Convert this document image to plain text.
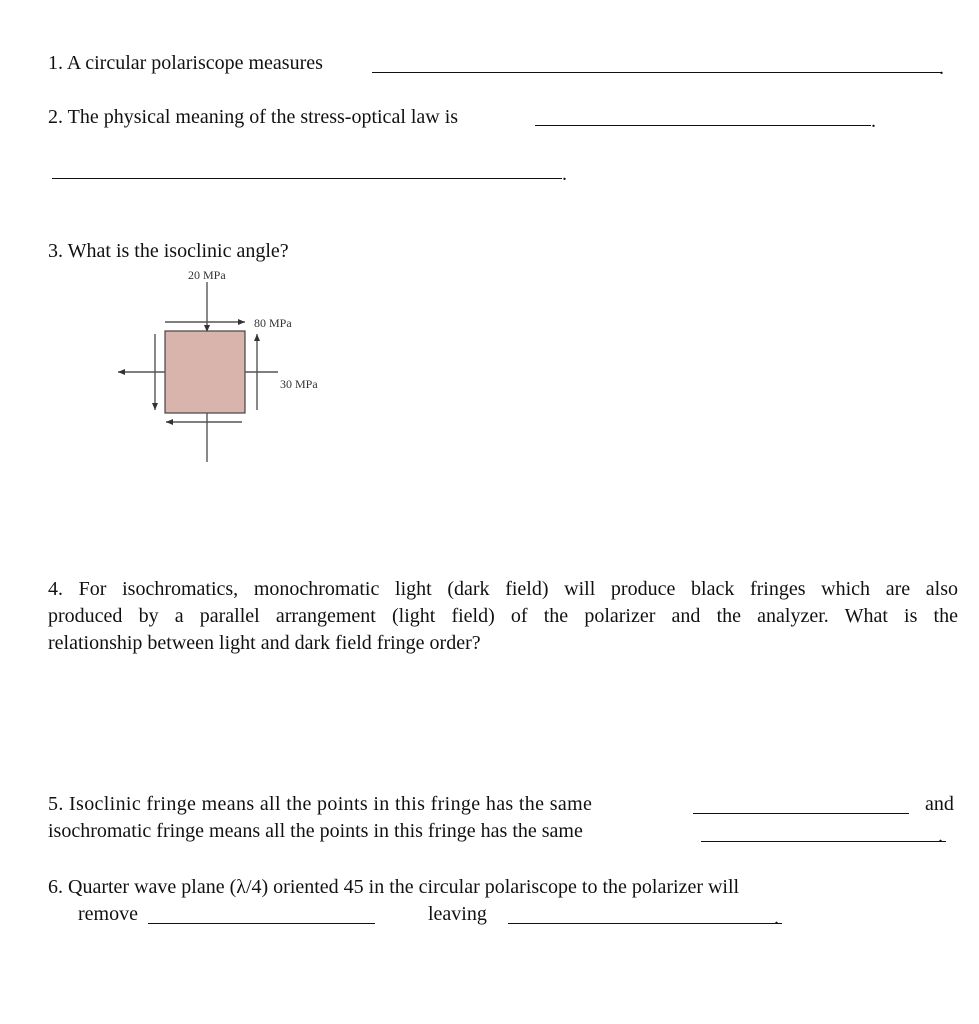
1. A circular polariscope measures	.
2. The physical meaning of the stress-optical law is	.
.
3. What is the isoclinic angle?
20 MPa
80 MPa
30 MPa
4. For isochromatics, monochromatic light (dark field) will produce black fringes which are also
produced by a parallel arrangement (light field) of the polarizer and the analyzer. What is the
relationship between light and dark field fringe order?
5. Isoclinic fringe means all the points in this fringe has the same	and
isochromatic fringe means all the points in this fringe has the same	.
6. Quarter wave plane (λ/4) oriented 45 in the circular polariscope to the polarizer will
remove	leaving	.
